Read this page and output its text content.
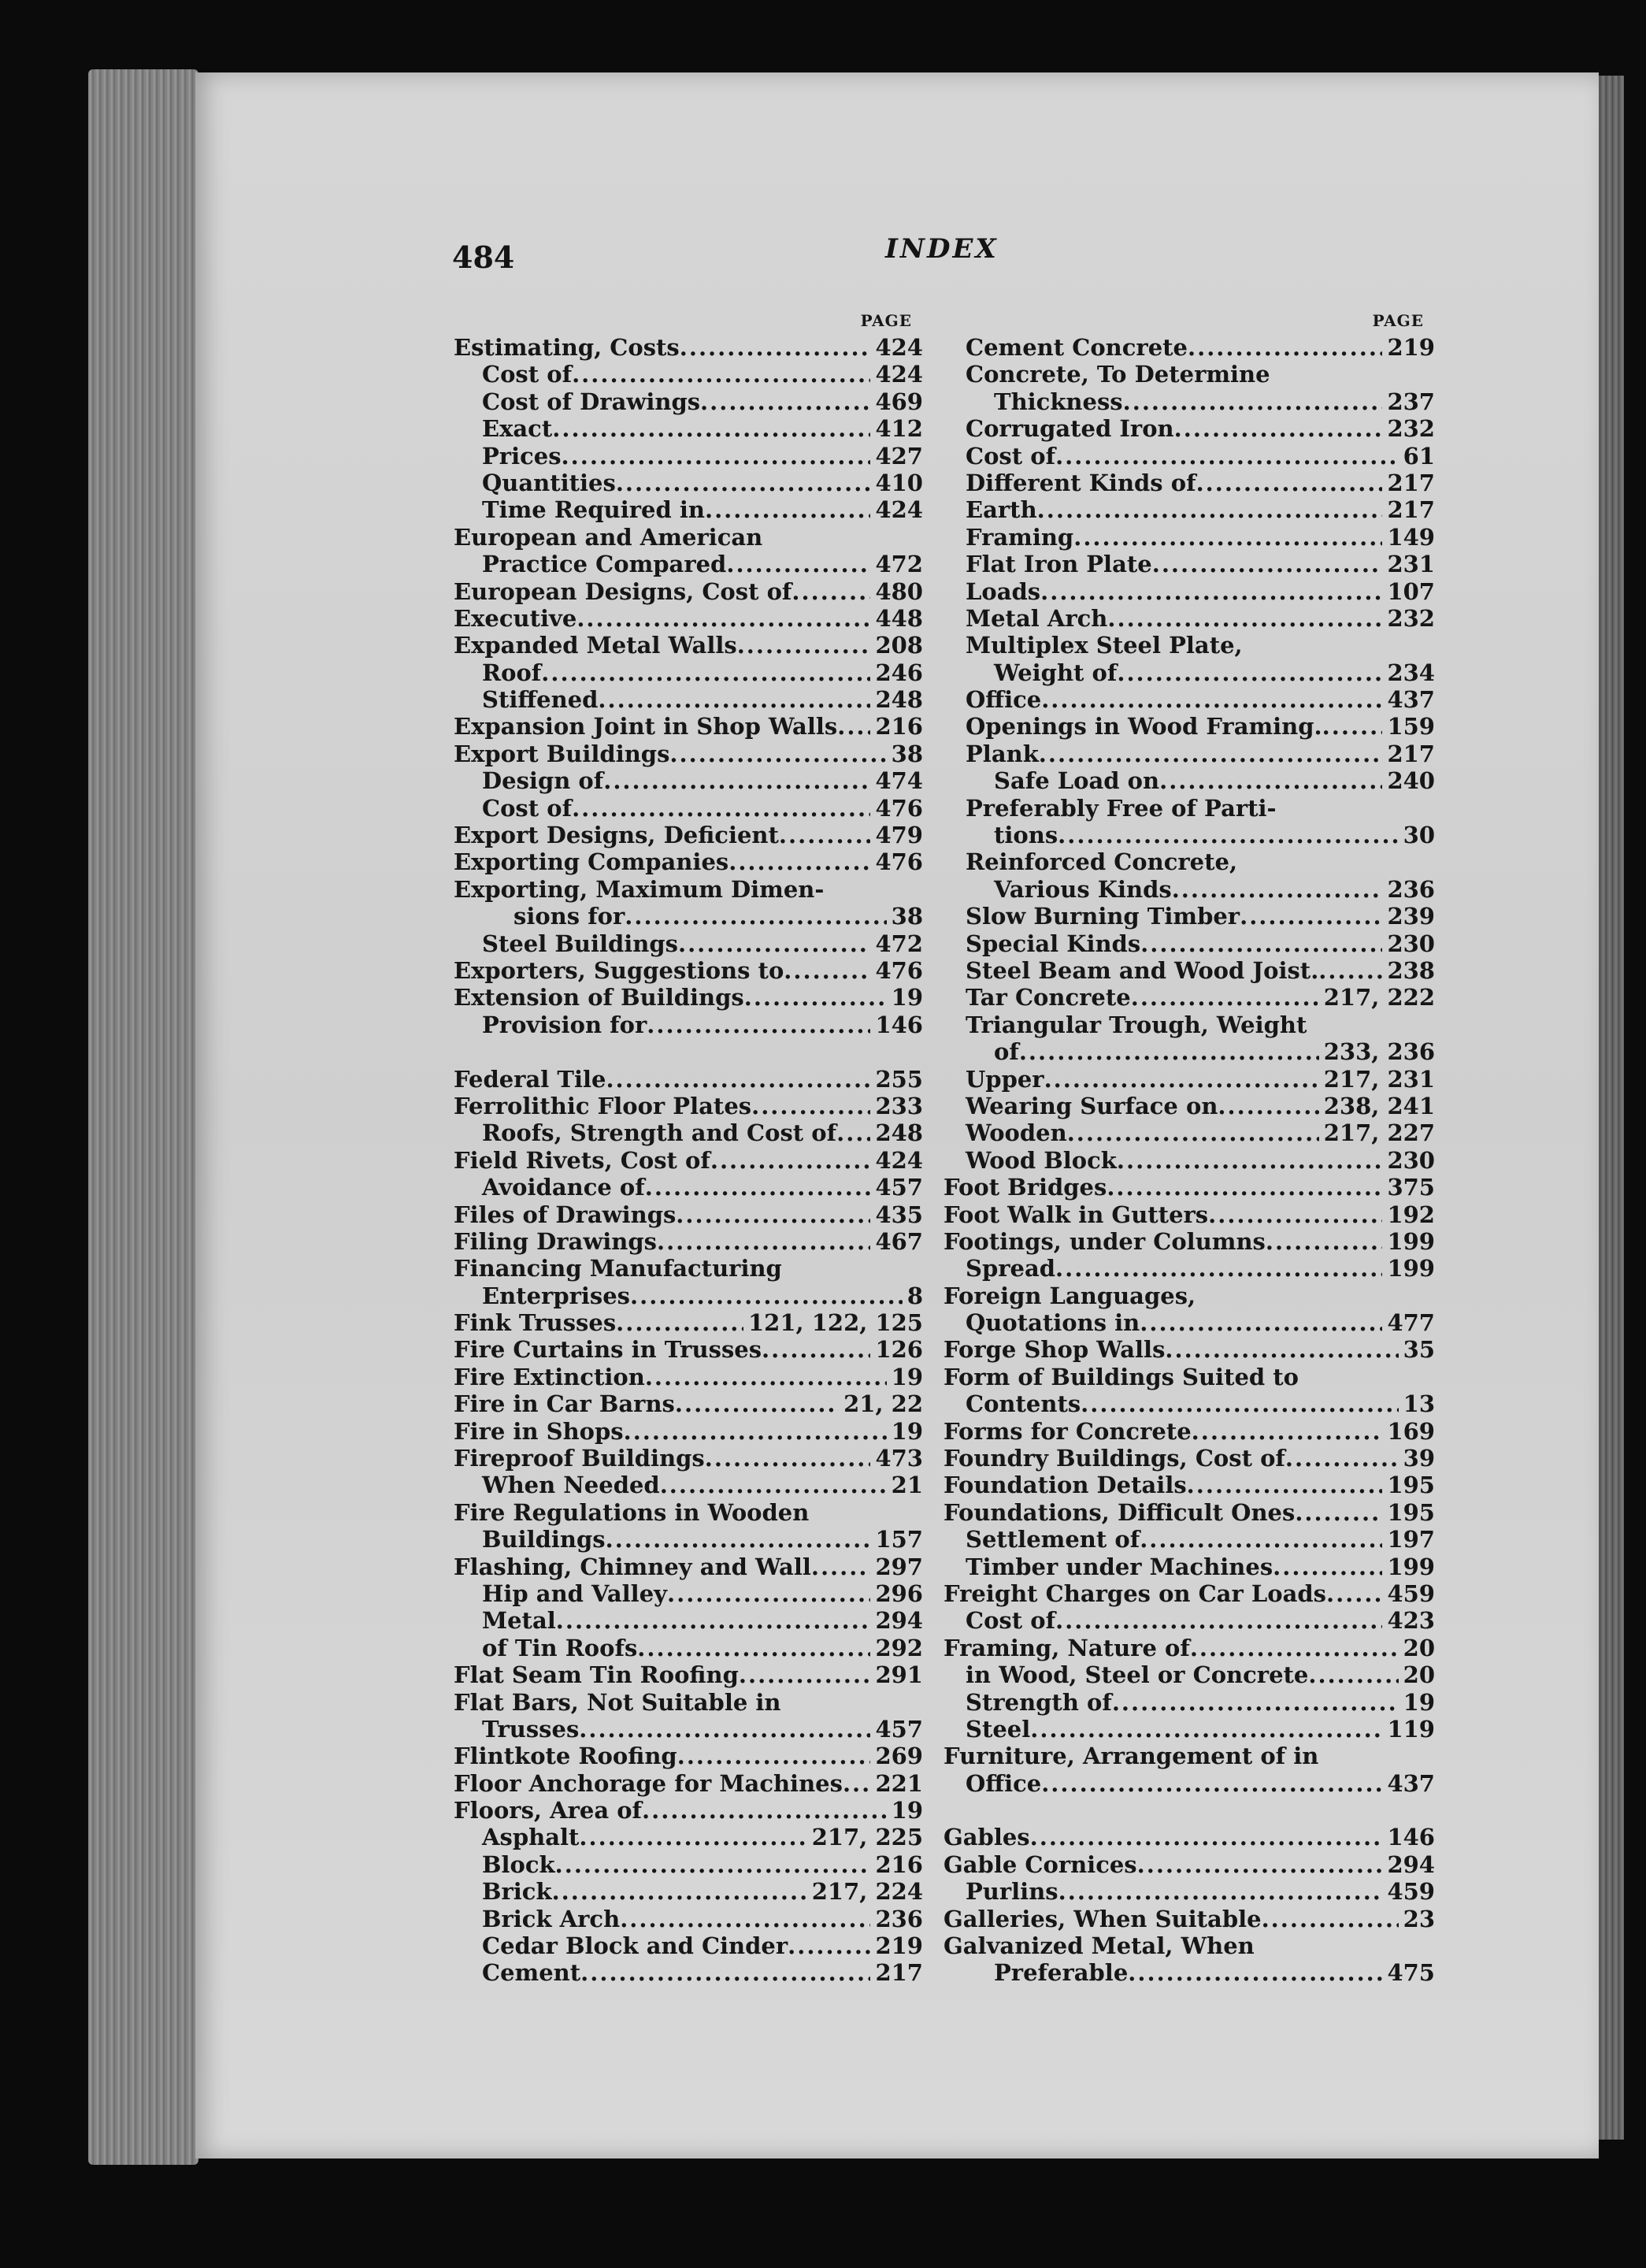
484	INDEX
PAGE
Estimating, Costs .....	424
Cost of .....	424
Cost of Drawings .....	469
Exact .....	412
Prices .....	427
Quantities .....	410
Time Required in .....	424
European and American
Practice Compared .....	472
European Designs, Cost of .....	480
Executive .....	448
Expanded Metal Walls .....	208
Roof .....	246
Stiffened .....	248
Expansion Joint in Shop Walls ..... 216
Export Buildings .....	38
Design of .....	474
Cost of .....	476
Export Designs, Deficient .....	479
Exporting Companies .....	476
Exporting, Maximum Dimen-
sions for .....	38
Steel Buildings .....	472
Exporters, Suggestions to .....	476
Extension of Buildings .....	19
Provision for .....	146
Federal Tile .....	255
Ferrolithic Floor Plates .....	233
Roofs, Strength and Cost of ..... 248
Field Rivets, Cost of .....	424
Avoidance of .....	457
Files of Drawings .....	435
Filing Drawings .....	467
Financing Manufacturing
Enterprises .....	8
Fink Trusses .....	121, 122, 125
Fire Curtains in Trusses .....	126
Fire Extinction .....	19
Fire in Car Barns .....	21, 22
Fire in Shops .....	19
Fireproof Buildings .....	473
When Needed .....	21
Fire Regulations in Wooden
Buildings .....	157
Flashing, Chimney and Wall .....	297
Hip and Valley .....	296
Metal .....	294
of Tin Roofs .....	292
Flat Seam Tin Roofing .....	291
Flat Bars, Not Suitable in
Trusses .....	457
Flintkote Roofing .....	269
Floor Anchorage for Machines ..... 221
Floors, Area of .....	19
Asphalt .....	217, 225
Block .....	216
Brick .....	217, 224
Brick Arch .....	236
Cedar Block and Cinder .....	219
Cement .....	217
PAGE
Cement Concrete .....	219
Concrete, To Determine
Thickness .....	237
Corrugated Iron .....	232
Cost of .....	61
Different Kinds of .....	217
Earth .....	217
Framing .....	149
Flat Iron Plate .....	231
Loads .....	107
Metal Arch .....	232
Multiplex Steel Plate,
Weight of .....	234
Office .....	437
Openings in Wood Framing. .....	159
Plank .....	217
Safe Load on .....	240
Preferably Free of Parti-
tions .....	30
Reinforced Concrete,
Various Kinds .....	236
Slow Burning Timber .....	239
Special Kinds .....	230
Steel Beam and Wood Joist. .....	238
Tar Concrete .....	217, 222
Triangular Trough, Weight
of .....	233, 236
Upper .....	217, 231
Wearing Surface on .....	238, 241
Wooden .....	217, 227
Wood Block .....	230
Foot Bridges .....	375
Foot Walk in Gutters .....	192
Footings, under Columns .....	199
Spread .....	199
Foreign Languages,
Quotations in .....	477
Forge Shop Walls .....	35
Form of Buildings Suited to
Contents .....	13
Forms for Concrete .....	169
Foundry Buildings, Cost of .....	39
Foundation Details .....	195
Foundations, Difficult Ones .....	195
Settlement of .....	197
Timber under Machines .....	199
Freight Charges on Car Loads .....	459
Cost of .....	423
Framing, Nature of .....	20
in Wood, Steel or Concrete .....	20
Strength of .....	19
Steel .....	119
Furniture, Arrangement of in
Office .....	437
Gables .....	146
Gable Cornices .....	294
Purlins .....	459
Galleries, When Suitable .....	23
Galvanized Metal, When
Preferable .....	475
